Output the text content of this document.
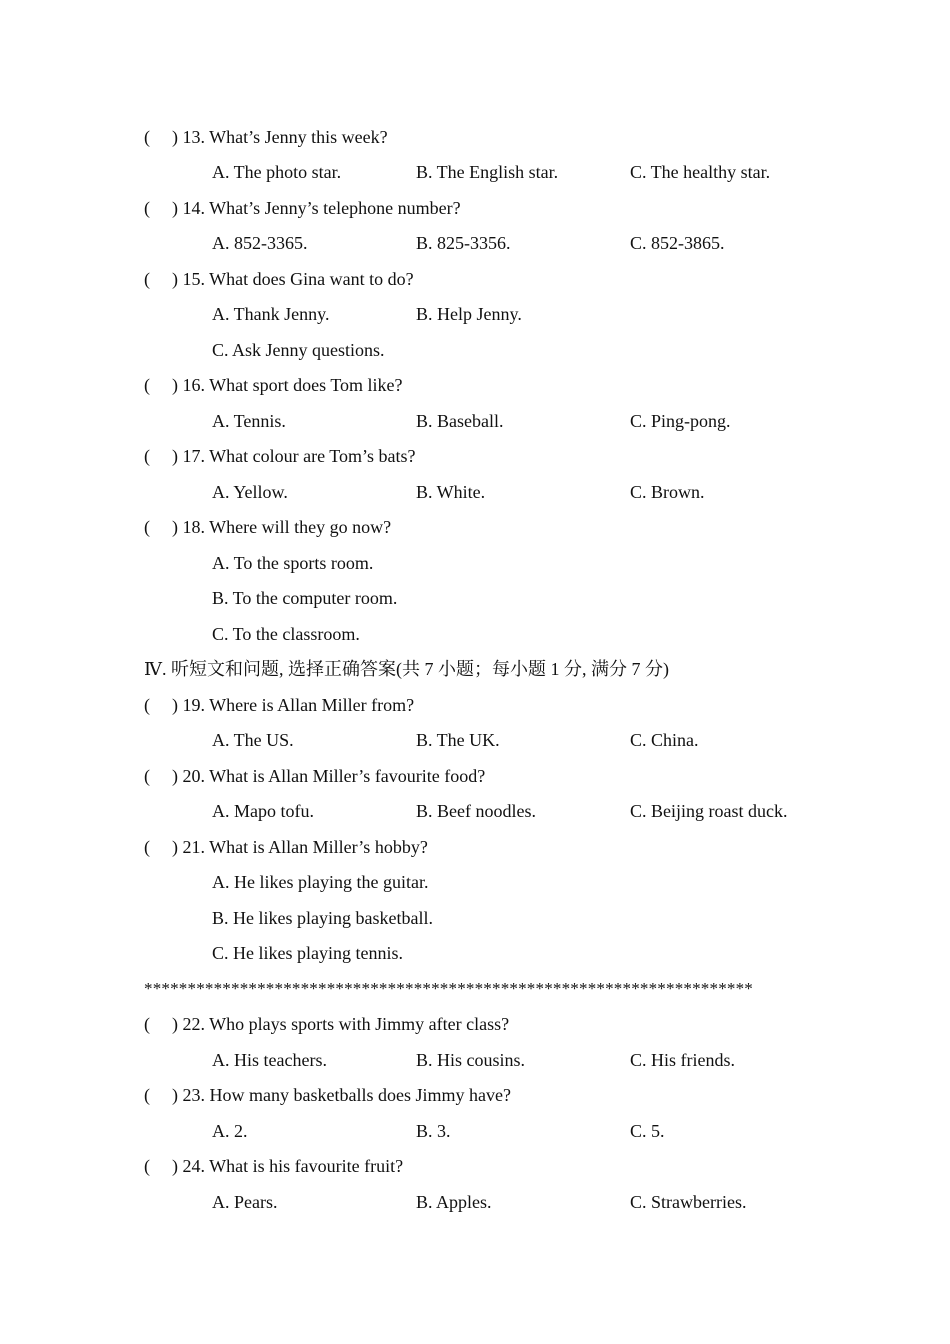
( ) 13. What’s Jenny this week?
A. The photo star.	B. The English star.	C. The healthy star.
( ) 14. What’s Jenny’s telephone number?
A. 852-3365.	B. 825-3356.	C. 852-3865.
( ) 15. What does Gina want to do?
A. Thank Jenny.	B. Help Jenny.
C. Ask Jenny questions.
( ) 16. What sport does Tom like?
A. Tennis.	B. Baseball.	C. Ping-pong.
( ) 17. What colour are Tom’s bats?
A. Yellow.	B. White.	C. Brown.
( ) 18. Where will they go now?
A. To the sports room.
B. To the computer room.
C. To the classroom.
Ⅳ. 听短文和问题, 选择正确答案(共 7 小题；每小题 1 分, 满分 7 分)
( ) 19. Where is Allan Miller from?
A. The US.	B. The UK.	C. China.
( ) 20. What is Allan Miller’s favourite food?
A. Mapo tofu.	B. Beef noodles.	C. Beijing roast duck.
( ) 21. What is Allan Miller’s hobby?
A. He likes playing the guitar.
B. He likes playing basketball.
C. He likes playing tennis.
**********************************************************************
( ) 22. Who plays sports with Jimmy after class?
A. His teachers.	B. His cousins.	C. His friends.
( ) 23. How many basketballs does Jimmy have?
A. 2.	B. 3.	C. 5.
( ) 24. What is his favourite fruit?
A. Pears.	B. Apples.	C. Strawberries.
